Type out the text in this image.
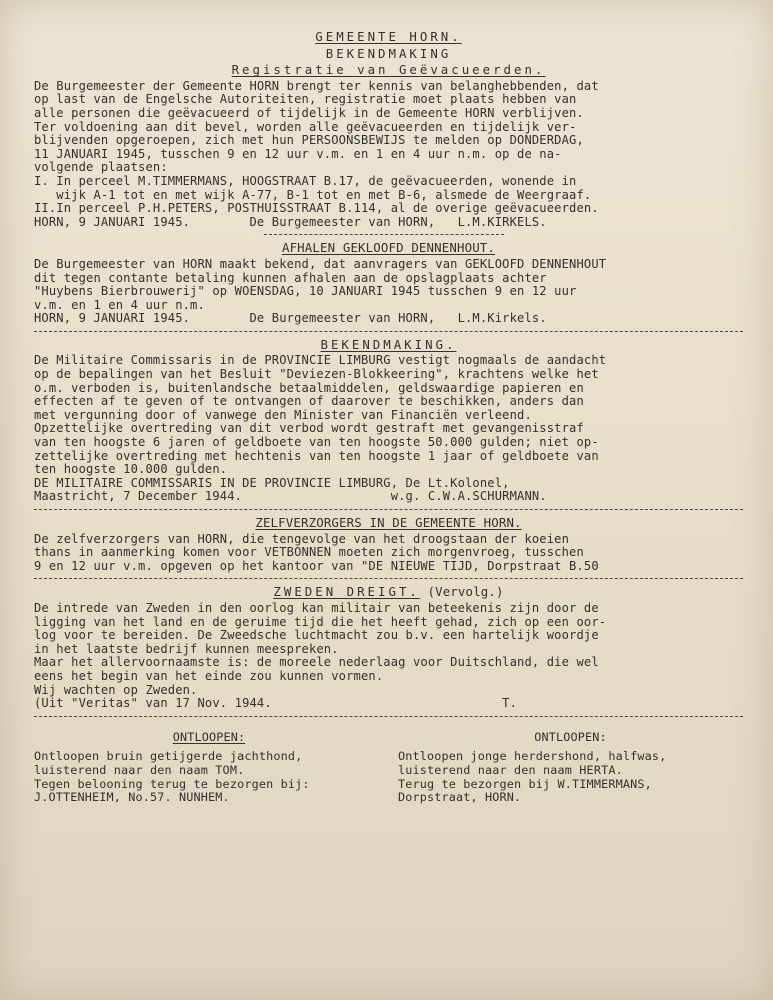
GEMEENTE HORN.
BEKENDMAKING
Registratie van Geëvacueerden.
De Burgemeester der Gemeente HORN brengt ter kennis van belanghebbenden, dat
op last van de Engelsche Autoriteiten, registratie moet plaats hebben van
alle personen die geëvacueerd of tijdelijk in de Gemeente HORN verblijven.
Ter voldoening aan dit bevel, worden alle geëvacueerden en tijdelijk ver-
blijvenden opgeroepen, zich met hun PERSOONSBEWIJS te melden op DONDERDAG,
11 JANUARI 1945, tusschen 9 en 12 uur v.m. en 1 en 4 uur n.m. op de na-
volgende plaatsen:
I. In perceel M.TIMMERMANS, HOOGSTRAAT B.17, de geëvacueerden, wonende in
wijk A-1 tot en met wijk A-77, B-1 tot en met B-6, alsmede de Weergraaf.
II.In perceel P.H.PETERS, POSTHUISSTRAAT B.114, al de overige geëvacueerden.
HORN, 9 JANUARI 1945.        De Burgemeester van HORN,   L.M.KIRKELS.
AFHALEN GEKLOOFD DENNENHOUT.
De Burgemeester van HORN maakt bekend, dat aanvragers van GEKLOOFD DENNENHOUT
dit tegen contante betaling kunnen afhalen aan de opslagplaats achter
"Huybens Bierbrouwerij" op WOENSDAG, 10 JANUARI 1945 tusschen 9 en 12 uur
v.m. en 1 en 4 uur n.m.
HORN, 9 JANUARI 1945.        De Burgemeester van HORN,   L.M.Kirkels.
BEKENDMAKING.
De Militaire Commissaris in de PROVINCIE LIMBURG vestigt nogmaals de aandacht
op de bepalingen van het Besluit "Deviezen-Blokkeering", krachtens welke het
o.m. verboden is, buitenlandsche betaalmiddelen, geldswaardige papieren en
effecten af te geven of te ontvangen of daarover te beschikken, anders dan
met vergunning door of vanwege den Minister van Financiën verleend.
Opzettelijke overtreding van dit verbod wordt gestraft met gevangenisstraf
van ten hoogste 6 jaren of geldboete van ten hoogste 50.000 gulden; niet op-
zettelijke overtreding met hechtenis van ten hoogste 1 jaar of geldboete van
ten hoogste 10.000 gulden.
DE MILITAIRE COMMISSARIS IN DE PROVINCIE LIMBURG, De Lt.Kolonel,
Maastricht, 7 December 1944.                    w.g. C.W.A.SCHURMANN.
ZELFVERZORGERS IN DE GEMEENTE HORN.
De zelfverzorgers van HORN, die tengevolge van het droogstaan der koeien
thans in aanmerking komen voor VETBONNEN moeten zich morgenvroeg, tusschen
9 en 12 uur v.m. opgeven op het kantoor van "DE NIEUWE TIJD, Dorpstraat B.50
ZWEDEN DREIGT. (Vervolg.)
De intrede van Zweden in den oorlog kan militair van beteekenis zijn door de
ligging van het land en de geruime tijd die het heeft gehad, zich op een oor-
log voor te bereiden. De Zweedsche luchtmacht zou b.v. een hartelijk woordje
in het laatste bedrijf kunnen meespreken.
Maar het allervoornaamste is: de moreele nederlaag voor Duitschland, die wel
eens het begin van het einde zou kunnen vormen.
Wij wachten op Zweden.
(Uit "Veritas" van 17 Nov. 1944.                               T.
ONTLOOPEN:
Ontloopen bruin getijgerde jachthond,
luisterend naar den naam TOM.
Tegen belooning terug te bezorgen bij:
J.OTTENHEIM, No.57. NUNHEM.
ONTLOOPEN:
Ontloopen jonge herdershond, halfwas,
luisterend naar den naam HERTA.
Terug te bezorgen bij W.TIMMERMANS,
Dorpstraat, HORN.
